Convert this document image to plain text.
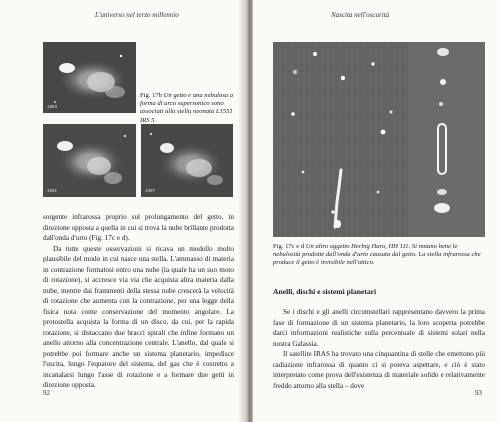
L'universo nel terzo millennio
1983
1991	1997
Fig. 17b Un getto e una nebulosa a forma di arco supersonico sono associati alla stella neonata L1551 IRS 5.

sorgente infrarossa proprio sul prolungamento del getto, in direzione opposta a quella in cui si trova la nube brillante prodotta dall'onda d'urto (Fig. 17c e d).

Da tutte queste osservazioni si ricava un modello molto plausibile del modo in cui nasce una stella. L'ammasso di materia in contrazione formatosi entro una nube (la quale ha un suo moto di rotazione), si accresce via via che acquista altra materia dalla nube, mentre dai frammenti della stessa nube crescerà la velocità di rotazione che aumenta con la contrazione, per una legge della fisica nota come conservazione del momento angolare. La protostella acquista la forma di un disco, da cui, per la rapida rotazione, si distaccano due bracci spirali che infine formano un anello attorno alla concentrazione centrale. L'anello, dal quale si potrebbe poi formare anche un sistema planetario, impedisce l'uscita, lungo l'equatore del sistema, del gas che è costretto a incanalarsi lungo l'asse di rotazione e a formare due getti in direzione opposta.

92
Nascita nell'oscurità
Fig. 17c e d Un altro oggetto Herbig Haro, HH 111. Si notano bene le nebulosità prodotte dall'onda d'urto causata dal getto. La stella infrarossa che produce il getto è invisibile nell'ottico.
Anelli, dischi e sistemi planetari

Se i dischi e gli anelli circumstellari rappresentano davvero la prima fase di formazione di un sistema planetario, la loro scoperta potrebbe darci informazioni realistiche sulla percentuale di sistemi solari nella nostra Galassia.

Il satellite IRAS ha trovato una cinquantina di stelle che emettono più radiazione infrarossa di quanto ci si poteva aspettare, e ciò è stato interpretato come prova dell'esistenza di materiale solido e relativamente freddo attorno alla stella – dove

93
